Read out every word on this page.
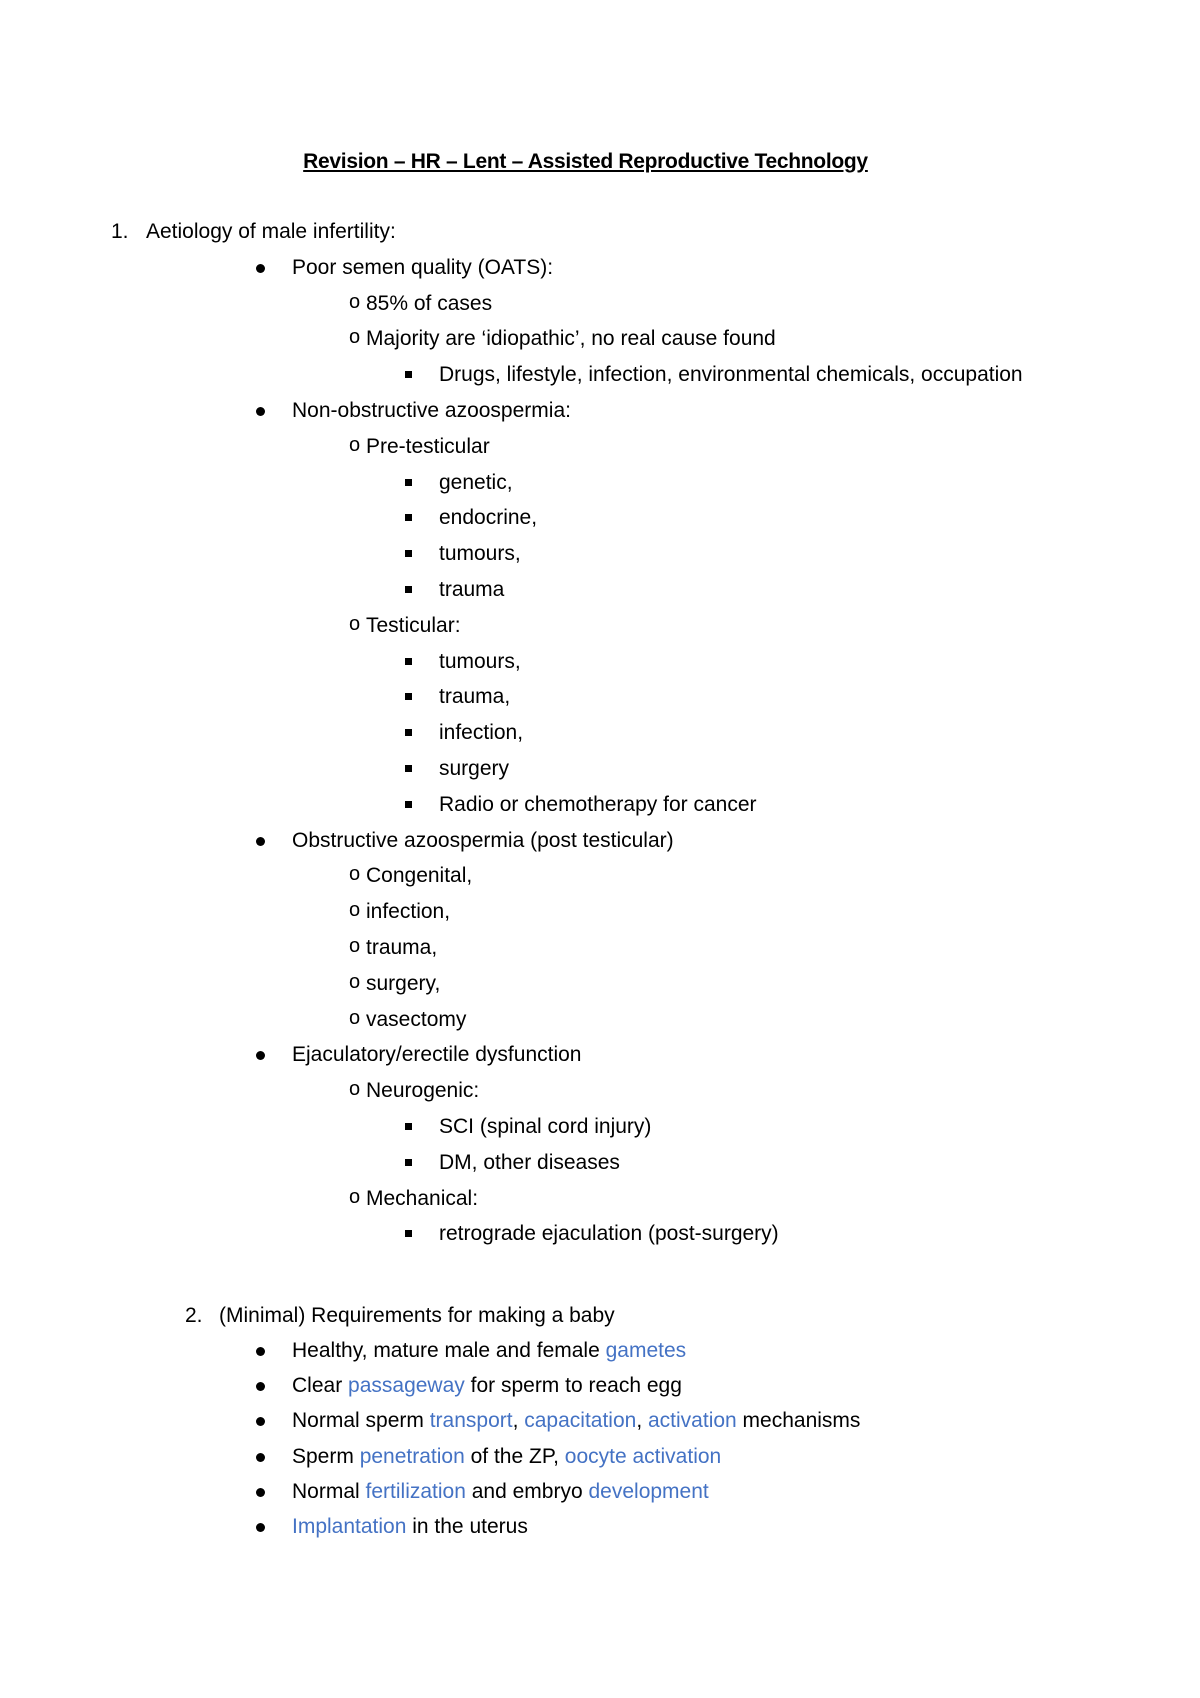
Revision – HR – Lent – Assisted Reproductive Technology
1. Aetiology of male infertility:
Poor semen quality (OATS):
o 85% of cases
o Majority are ‘idiopathic’, no real cause found
Drugs, lifestyle, infection, environmental chemicals, occupation
Non-obstructive azoospermia:
o Pre-testicular
genetic,
endocrine,
tumours,
trauma
o Testicular:
tumours,
trauma,
infection,
surgery
Radio or chemotherapy for cancer
Obstructive azoospermia (post testicular)
o Congenital,
o infection,
o trauma,
o surgery,
o vasectomy
Ejaculatory/erectile dysfunction
o Neurogenic:
SCI (spinal cord injury)
DM, other diseases
o Mechanical:
retrograde ejaculation (post-surgery)
2. (Minimal) Requirements for making a baby
Healthy, mature male and female gametes
Clear passageway for sperm to reach egg
Normal sperm transport, capacitation, activation mechanisms
Sperm penetration of the ZP, oocyte activation
Normal fertilization and embryo development
Implantation in the uterus
